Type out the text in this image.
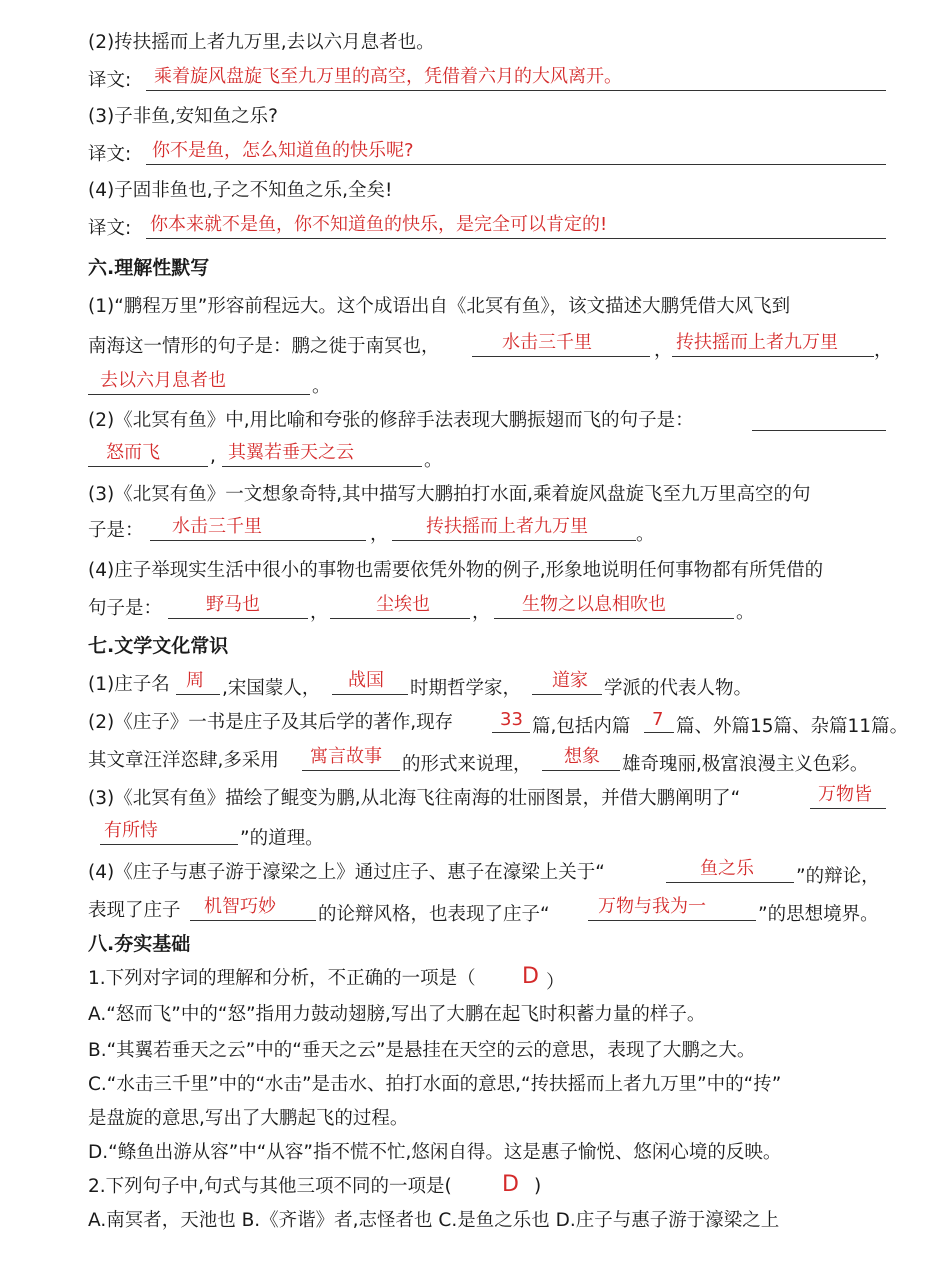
(2)抟扶摇而上者九万里,去以六月息者也。
译文: 乘着旋风盘旋飞至九万里的高空，凭借着六月的大风离开。
(3)子非鱼,安知鱼之乐?
译文: 你不是鱼，怎么知道鱼的快乐呢?
(4)子固非鱼也,子之不知鱼之乐,全矣!
译文: 你本来就不是鱼，你不知道鱼的快乐，是完全可以肯定的!
六.理解性默写
(1)“鹏程万里”形容前程远大。这个成语出自《北冥有鱼》，该文描述大鹏凭借大风飞到
南海这一情形的句子是：鹏之徙于南冥也，	水击三千里	， 抟扶摇而上者九万里 ，
去以六月息者也	。
(2)《北冥有鱼》中,用比喻和夸张的修辞手法表现大鹏振翅而飞的句子是：
怒而飞	, 其翼若垂天之云	。
(3)《北冥有鱼》一文想象奇特,其中描写大鹏拍打水面,乘着旋风盘旋飞至九万里高空的句
子是： 水击三千里	， 抟扶摇而上者九万里	。
(4)庄子举现实生活中很小的事物也需要依凭外物的例子,形象地说明任何事物都有所凭借的
句子是： 野马也	，	尘埃也 ， 生物之以息相吹也	。
七.文学文化常识
(1)庄子名 周 ,宋国蒙人， 战国 时期哲学家， 道家 学派的代表人物。
(2)《庄子》一书是庄子及其后学的著作,现存	33 篇,包括内篇 7 篇、外篇15篇、杂篇11篇。
其文章汪洋恣肆,多采用 寓言故事 的形式来说理， 想象 雄奇瑰丽,极富浪漫主义色彩。
(3)《北冥有鱼》描绘了鲲变为鹏,从北海飞往南海的壮丽图景，并借大鹏阐明了“	万物皆
有所恃	”的道理。
(4)《庄子与惠子游于濠梁之上》通过庄子、惠子在濠梁上关于“	鱼之乐 ”的辩论，
表现了庄子 机智巧妙 的论辩风格，也表现了庄子“	万物与我为一	”的思想境界。
八.夯实基础
1.下列对字词的理解和分析，不正确的一项是（ D ）
A.“怒而飞”中的“怒”指用力鼓动翅膀,写出了大鹏在起飞时积蓄力量的样子。
B.“其翼若垂天之云”中的“垂天之云”是悬挂在天空的云的意思，表现了大鹏之大。
C.“水击三千里”中的“水击”是击水、拍打水面的意思,“抟扶摇而上者九万里”中的“抟”
是盘旋的意思,写出了大鹏起飞的过程。
D.“鲦鱼出游从容”中“从容”指不慌不忙,悠闲自得。这是惠子愉悦、悠闲心境的反映。
2.下列句子中,句式与其他三项不同的一项是( D )
A.南冥者，天池也 B.《齐谐》者,志怪者也 C.是鱼之乐也 D.庄子与惠子游于濠梁之上
